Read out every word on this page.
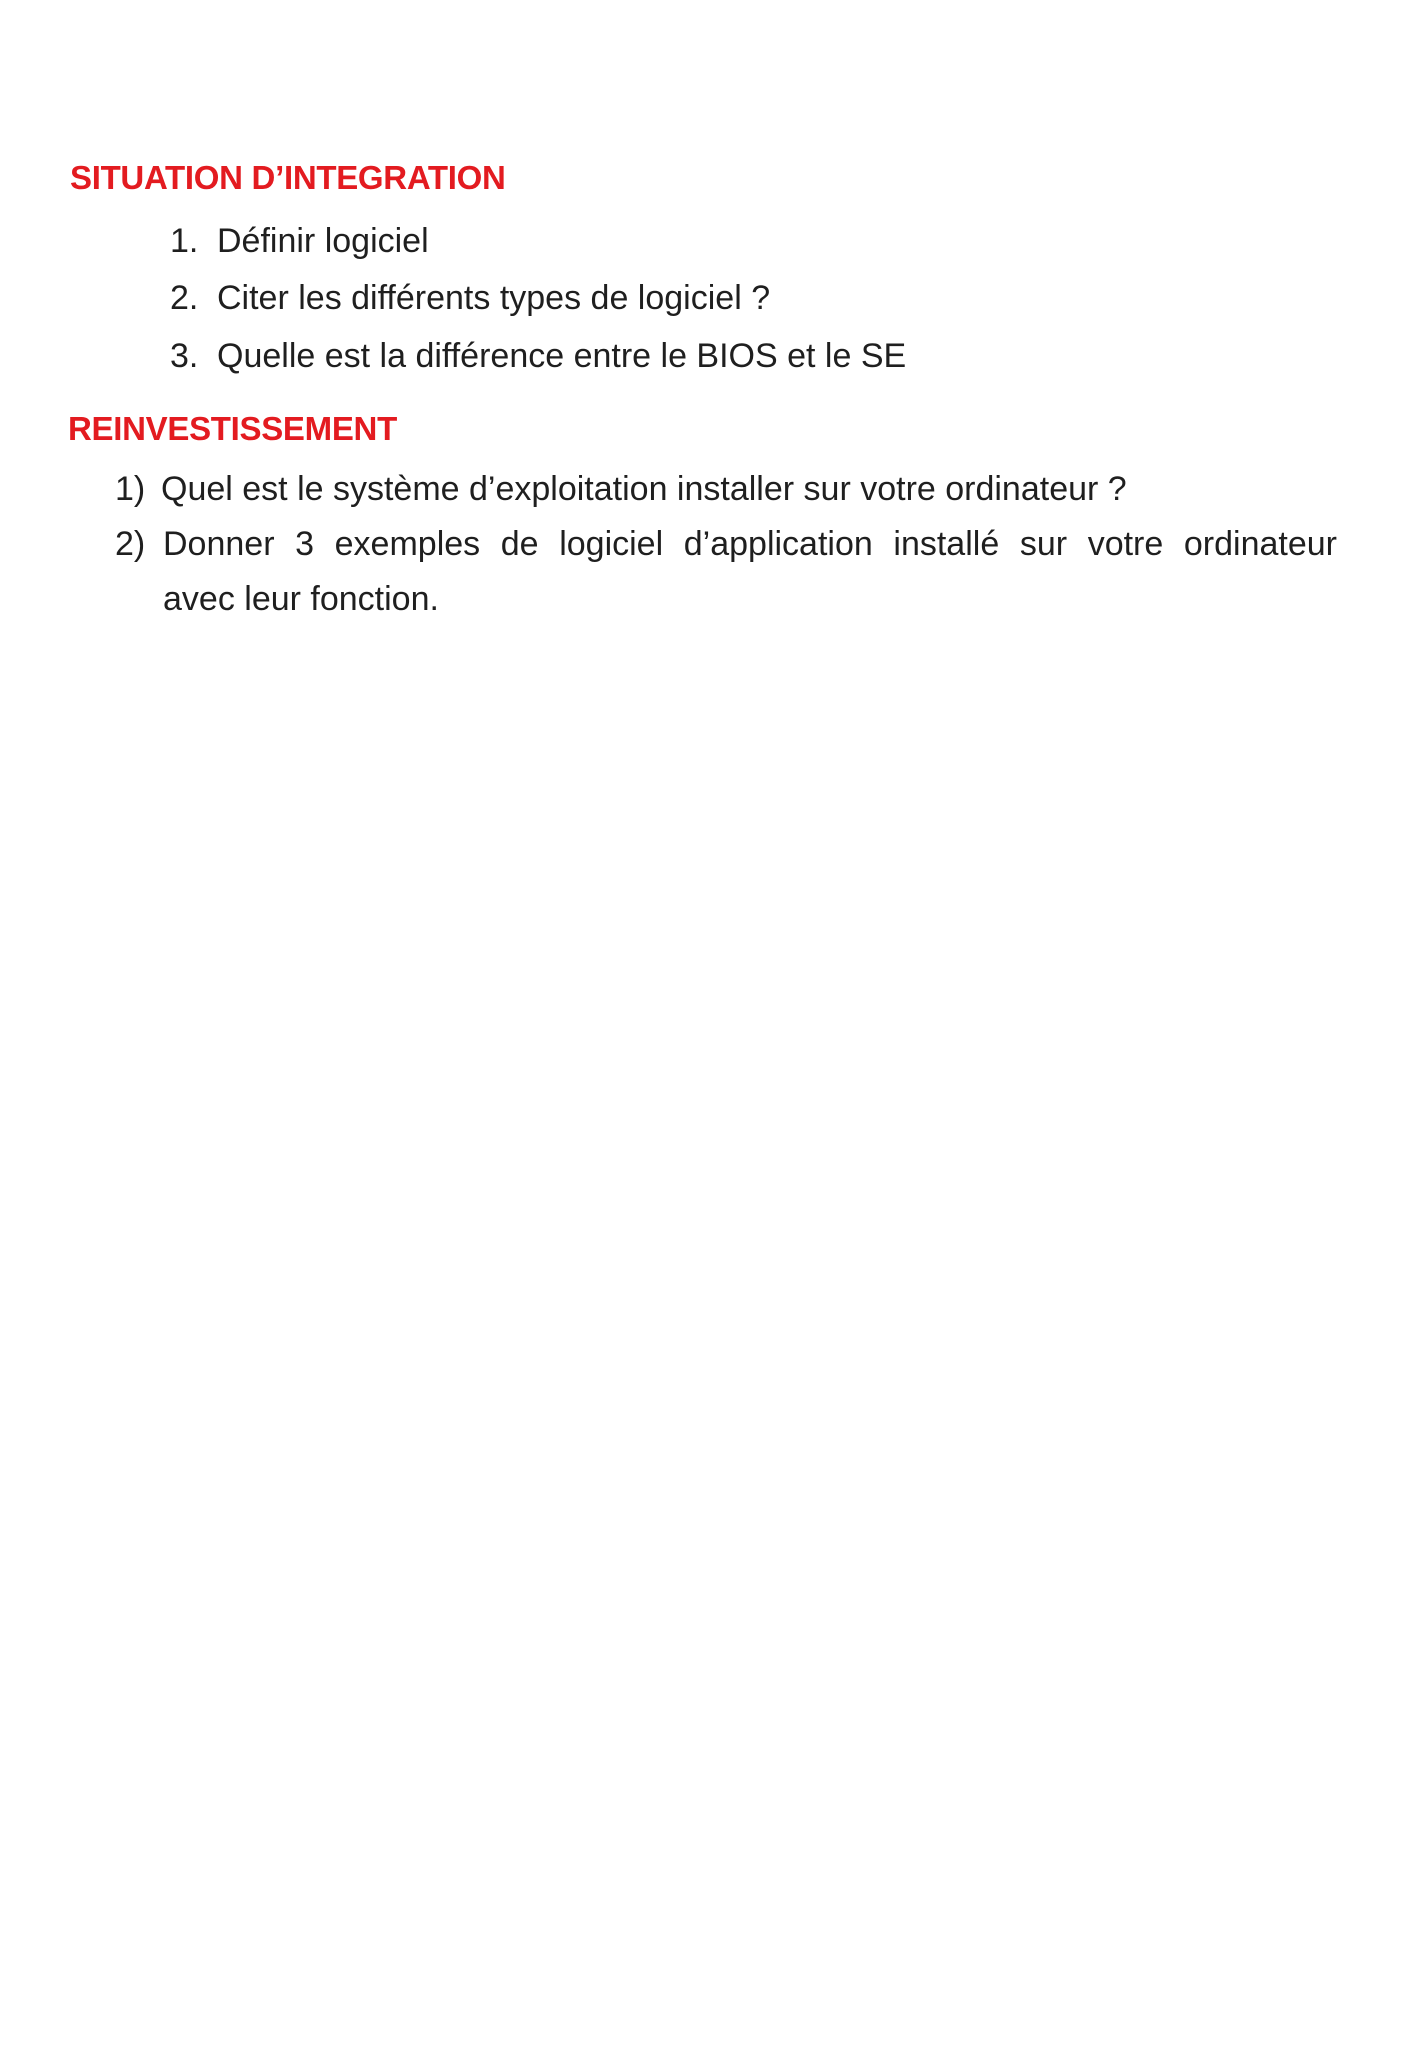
SITUATION D’INTEGRATION
1. Définir logiciel
2. Citer les différents types de logiciel ?
3. Quelle est la différence entre le BIOS et le SE
REINVESTISSEMENT
1) Quel est le système d’exploitation installer sur votre ordinateur ?
2) Donner 3 exemples de logiciel d’application installé sur votre ordinateur
avec leur fonction.
